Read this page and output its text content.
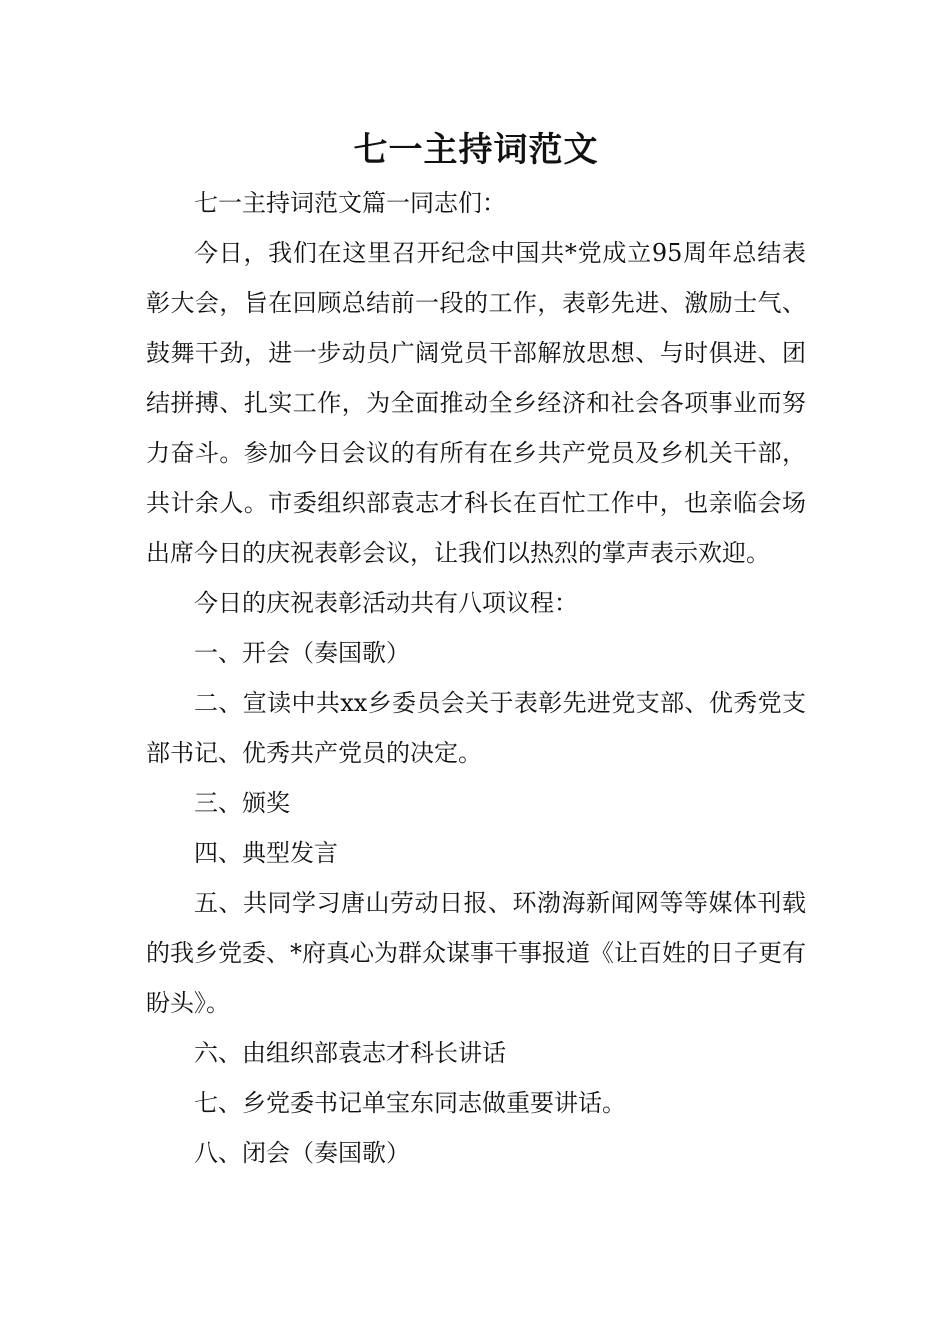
七一主持词范文

七一主持词范文篇一同志们：

今日，我们在这里召开纪念中国共*党成立95周年总结表彰大会，旨在回顾总结前一段的工作，表彰先进、激励士气、鼓舞干劲，进一步动员广阔党员干部解放思想、与时俱进、团结拼搏、扎实工作，为全面推动全乡经济和社会各项事业而努力奋斗。参加今日会议的有所有在乡共产党员及乡机关干部，共计余人。市委组织部袁志才科长在百忙工作中，也亲临会场出席今日的庆祝表彰会议，让我们以热烈的掌声表示欢迎。

今日的庆祝表彰活动共有八项议程：

一、开会（奏国歌）

二、宣读中共xx乡委员会关于表彰先进党支部、优秀党支部书记、优秀共产党员的决定。

三、颁奖

四、典型发言

五、共同学习唐山劳动日报、环渤海新闻网等等媒体刊载的我乡党委、*府真心为群众谋事干事报道《让百姓的日子更有盼头》。

六、由组织部袁志才科长讲话

七、乡党委书记单宝东同志做重要讲话。

八、闭会（奏国歌）
